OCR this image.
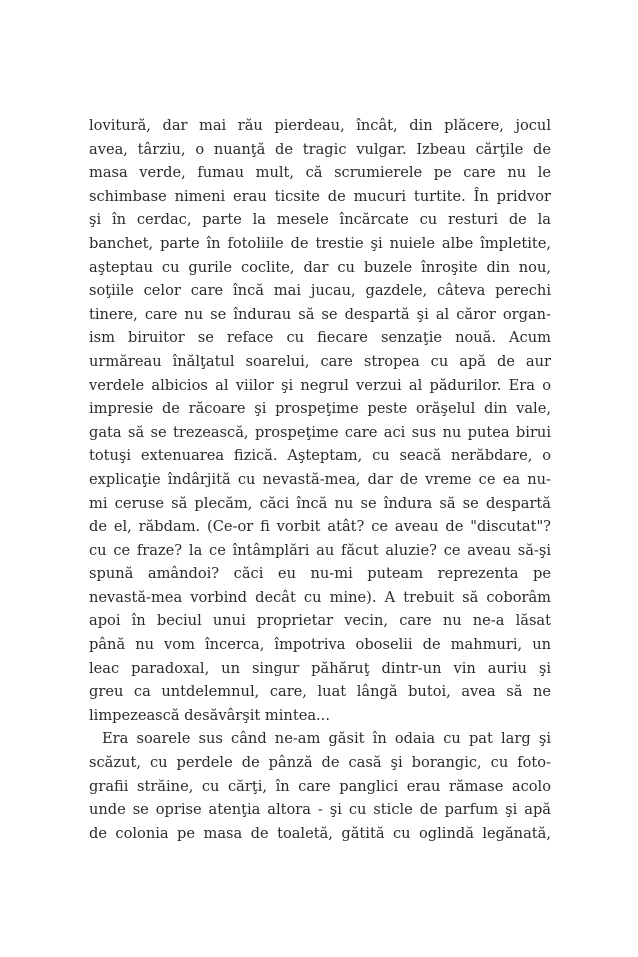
lovitură, dar mai rău pierdeau, încât, din plăcere, jocul
avea, târziu, o nuanţă de tragic vulgar. Izbeau cărţile de
masa verde, fumau mult, că scrumierele pe care nu le
schimbase nimeni erau ticsite de mucuri turtite. În pridvor
şi în cerdac, parte la mesele încărcate cu resturi de la
banchet, parte în fotoliile de trestie şi nuiele albe împletite,
aşteptau cu gurile coclite, dar cu buzele înroşite din nou,
soţiile celor care încă mai jucau, gazdele, câteva perechi
tinere, care nu se îndurau să se despartă şi al căror organ-
ism biruitor se reface cu fiecare senzaţie nouă. Acum
urmăreau înălţatul soarelui, care stropea cu apă de aur
verdele albicios al viilor şi negrul verzui al pădurilor. Era o
impresie de răcoare şi prospeţime peste orăşelul din vale,
gata să se trezească, prospeţime care aci sus nu putea birui
totuşi extenuarea fizică. Aşteptam, cu seacă nerăbdare, o
explicaţie îndârjită cu nevastă-mea, dar de vreme ce ea nu-
mi ceruse să plecăm, căci încă nu se îndura să se despartă
de el, răbdam. (Ce-or fi vorbit atât? ce aveau de "discutat"?
cu ce fraze? la ce întâmplări au făcut aluzie? ce aveau să-şi
spună amândoi? căci eu nu-mi puteam reprezenta pe
nevastă-mea vorbind decât cu mine). A trebuit să coborâm
apoi în beciul unui proprietar vecin, care nu ne-a lăsat
până nu vom încerca, împotriva oboselii de mahmuri, un
leac paradoxal, un singur păhăruţ dintr-un vin auriu şi
greu ca untdelemnul, care, luat lângă butoi, avea să ne
limpezească desăvârşit mintea...
Era soarele sus când ne-am găsit în odaia cu pat larg şi
scăzut, cu perdele de pânză de casă şi borangic, cu foto-
grafii străine, cu cărţi, în care panglici erau rămase acolo
unde se oprise atenţia altora - şi cu sticle de parfum şi apă
de colonia pe masa de toaletă, gătită cu oglindă legănată,
